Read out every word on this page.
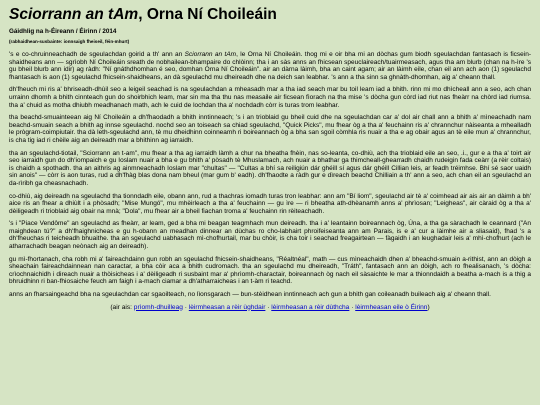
Sciorrann an tAm, Orna Ní Choileáin
Gáidhlig na h-Éireann / Éirinn / 2014
(rabhaidhean-susbainte: ionnsaigh fheiseil, féin-mhurt)

's e co-chruinneachadh de sgeulachdan goirid a th' ann an Sciorrann an tAm, le Orna Ní Choileáin. thog mi e oir bha mi an dòchas gum biodh sgeulachdan fantasach is ficsein-shaidheans ann — sgrìobh Ní Choileáin sreath de nobhailean-bhampaire do chlòinn; tha i an sàs anns an fhicsean speuclaireach/tuairmeasach, agus tha am blurb (chan na h-ìre 's gu bheil blurb ann idir) ag ràdh: "Ní gnáthdhomhan é seo, domhan Orna Ní Choileáin". air an dàrna làimh, bha an caint agam; air an làimh eile, chan eil ann ach aon (1) sgeulachd fhantasach is aon (1) sgeulachd fhicsein-shaidheans, an dà sgeulachd mu dheireadh dhe na deich san leabhar. 's ann a tha sinn sa ghnàth-dhomhan, aig a' cheann thall.

dh'fheuch mi ris a' bhriseadh-dhùil seo a leigeil seachad is na sgeulachdan a mheasadh mar a tha iad seach mar bu toil leam iad a bhith. rinn mi mo dhìcheall ann a seo, ach chan urrainn dhomh a bhith cinnteach gun do shoirbhich leam, mar sin ma tha thu nas measaile air ficsean fìorach na tha mise 's dòcha gun còrd iad riut nas fheàrr na chòrd iad riumsa. tha a' chuid as motha dhiubh meadhanach math, ach le cuid de lochdan tha a' nochdadh còrr is turas trom leabhar.

tha beachd-smuainteean aig Ní Choileáin a dh'fhaodadh a bhith inntinneach; 's i an trioblaid gu bheil cuid dhe na sgeulachdan car a' dol air chall ann a bhith a' mìneachadh nam beachd-smuain seach a bhith ag innse sgeulachd. nochd seo an toiseach sa chiad sgeulachd, "Quick Picks", mu fhear òg a tha a' feuchainn ris a' chrannchur nàiseanta a mhealladh le prògram-coimpiutair. tha dà leth-sgeulachd ann, tè mu dheidhinn coinneamh ri boireannach òg a bha san sgoil còmhla ris nuair a tha e ag obair agus an tè eile mun a' chrannchur, is cha tig iad ri chèile aig an deireadh mar a bhithinn ag iarraidh.

tha an sgeulachd-tiotail, "Sciorrann an t-am", mu fhear a tha ag iarraidh làmh a chur na bheatha fhèin, nas so-leanta, co-dhiù, ach tha trioblaid eile an seo, .i., gur e a tha a' toirt air seo iarraidh gun do dh'iompaich e gu Ioslam nuair a bha e gu bhith a' pòsadh tè Mhuslamach, ach nuair a bhathar ga thimcheall-ghearradh chaidh rudeigin fada ceàrr (a rèir coltais) is chaidh a spothadh. tha an aithris ag ainmneachadh Ioslam mar "chultas" — "Cultas a bhí sa reiligiún dár ghéill sí agus dár ghéill Cillian leis, ar feadh tréimhse. Bhí sé saor uaidh sin anois" — còrr is aon turas, rud a dh'fhàg blas dona nam bheul (mar gum b' eadh). dh'fhaodte a ràdh gur e dìreach beachd Chilliain a th' ann a seo, ach chan eil an sgeulachd an da-rìribh ga cheasnachadh.

co-dhiù, aig deireadh na sgeulachd tha tionndadh eile, obann ann, rud a thachras iomadh turas tron leabhar: ann am "Bí liom", sgeulachd air tè a' coimhead air ais air an dàimh a bh' aice ris an fhear a dhiùlt i a phòsadh; "Mise Mungó", mu mhèirleach a tha a' feuchainn — gu ìre — ri bheatha ath-dhèanamh anns a' phrìosan; "Leigheas", air càraid òg a tha a' dèiligeadh ri trioblaid aig obair na mnà; "Dola", mu fhear air a bheil fiachan troma a' feuchainn rin rèiteachadh.

's i "Piace Vendôme" an sgeulachd as fheàrr, ar leam, ged a bha mi beagan teagmhach mun deireadh. tha i a' leantainn boireannach òg, Úna, a tha ga sàrachadh le ceannard ("An maighdean tú?" a dh'fhaighnicheas e gu h-obann an meadhan dinnear an dùchas ro cho-labhairt phroifeiseanta ann am Parais, is e a' cur a làimhe air a sliasaid), fhad 's a dh'fheuchas ri teicheadh bhuaithe. tha an sgeulachd uabhasach mì-chofhurtail, mar bu chòir, is cha toir i seachad freagairtean — fàgaidh i an leughadair leis a' mhì-chofhurt (ach le atharrachadh beagan neònach aig an deireadh).

gu mì-fhortanach, cha robh mi a' faireachdainn gun robh an sgeulachd fhicsein-shaidheans, "Réaltnéal", math — cus mìneachaidh dhen a' bheachd-smuain a-rithist, ann an dòigh a sheachain faireachdainnean nan caractar, a bha còir aca a bhith cudromach. tha an sgeulachd mu dheireadh, "Tráth", fantasach ann an dòigh, ach ro fhealisanach, 's dòcha: crìochnaichidh i direach nuair a thòisicheas i a' dèiligeadh ri susbaint mar a' phrìomh-charactair, boireannach òg nach eil sàsaichte le mar a thionndaidh a beatha a-mach is a thig a bhruidhinn ri ban-fhiosaiche feuch am faigh i a-mach ciamar a dh'atharraicheas i an t-àm ri teachd.

anns an fharsaingeachd bha na sgeulachdan car sgaoilteach, no lìonsgarach — bun-stèidhean inntinneach ach gun a bhith gan coileanadh buileach aig a' cheann thall.

(air ais: prìomh-dhuilleag · lèirmheasan a rèir ùghdair · lèirmheasan a rèir dùthcha · lèirmheasan eile ò Éirinn)
